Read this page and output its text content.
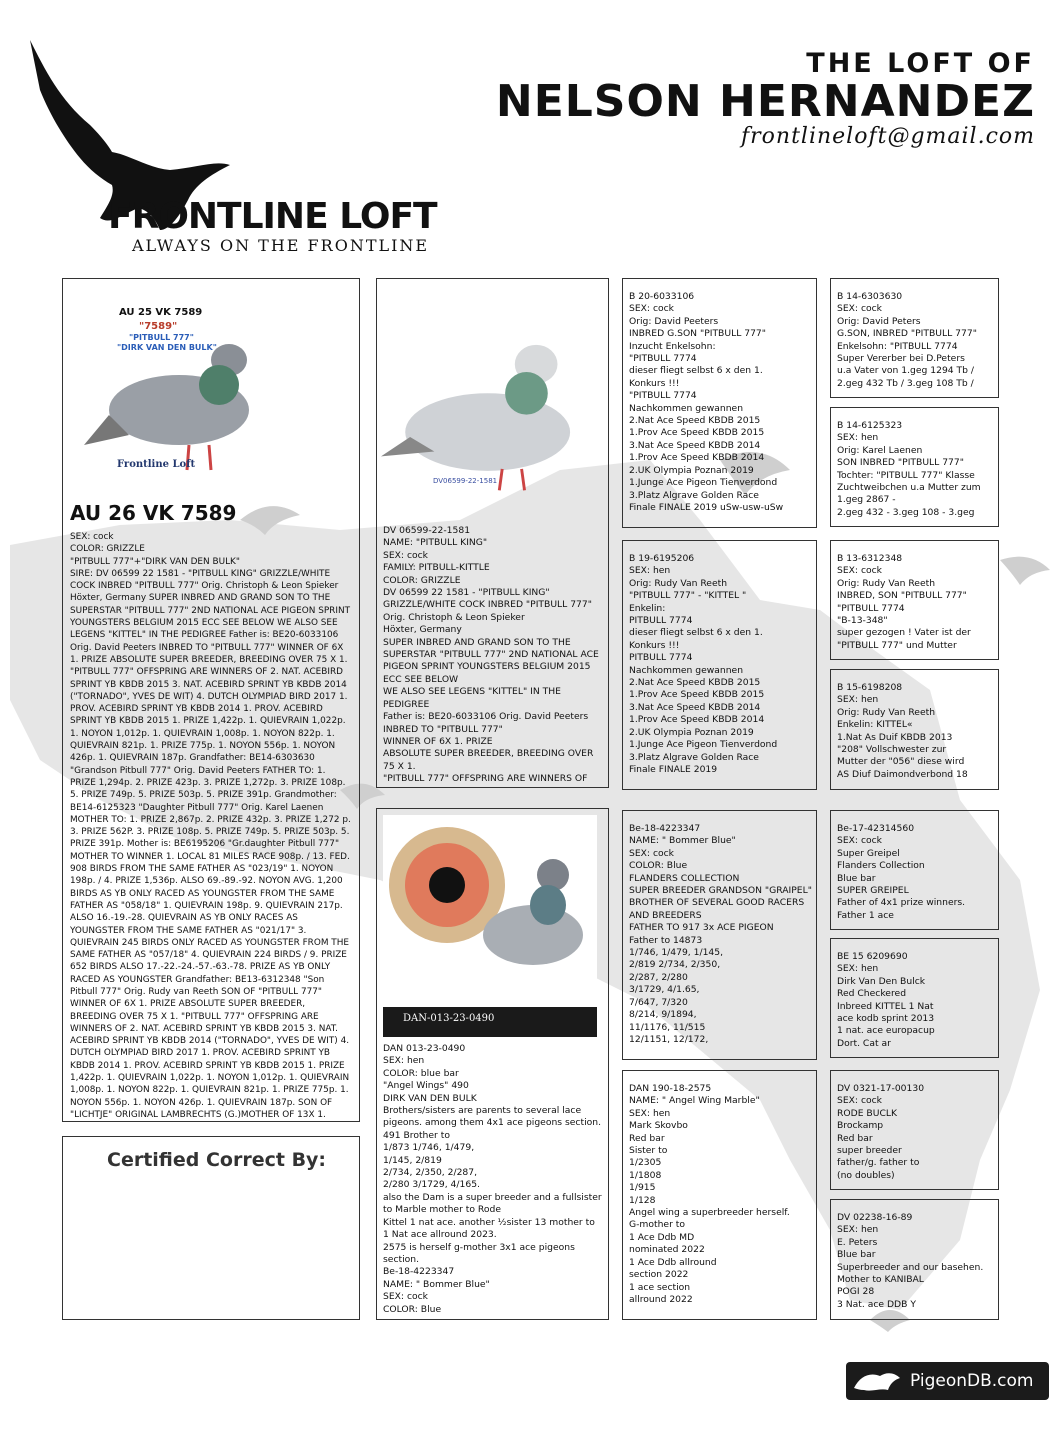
FRONTLINE LOFT
ALWAYS ON THE FRONTLINE
THE LOFT OF
NELSON HERNANDEZ
frontlineloft@gmail.com
AU 25 VK 7589
"7589"
"PITBULL 777"
"DIRK VAN DEN BULK"
Frontline Loft
AU 26 VK 7589
SEX: cock
COLOR: GRIZZLE
"PITBULL 777"+"DIRK VAN DEN BULK"
SIRE: DV 06599 22 1581 - "PITBULL KING" GRIZZLE/WHITE COCK INBRED "PITBULL 777" Orig. Christoph & Leon Spieker Höxter, Germany SUPER INBRED AND GRAND SON TO THE SUPERSTAR "PITBULL 777" 2ND NATIONAL ACE PIGEON SPRINT YOUNGSTERS BELGIUM 2015 ECC SEE BELOW WE ALSO SEE LEGENS "KITTEL" IN THE PEDIGREE Father is: BE20-6033106 Orig. David Peeters INBRED TO "PITBULL 777" WINNER OF 6X 1. PRIZE ABSOLUTE SUPER BREEDER, BREEDING OVER 75 X 1. "PITBULL 777" OFFSPRING ARE WINNERS OF 2. NAT. ACEBIRD SPRINT YB KBDB 2015 3. NAT. ACEBIRD SPRINT YB KBDB 2014 ("TORNADO", YVES DE WIT) 4. DUTCH OLYMPIAD BIRD 2017 1. PROV. ACEBIRD SPRINT YB KBDB 2014 1. PROV. ACEBIRD SPRINT YB KBDB 2015 1. PRIZE 1,422p. 1. QUIEVRAIN 1,022p. 1. NOYON 1,012p. 1. QUIEVRAIN 1,008p. 1. NOYON 822p. 1. QUIEVRAIN 821p. 1. PRIZE 775p. 1. NOYON 556p. 1. NOYON 426p. 1. QUIEVRAIN 187p. Grandfather: BE14-6303630 "Grandson Pitbull 777" Orig. David Peeters FATHER TO: 1. PRIZE 1,294p. 2. PRIZE 423p. 3. PRIZE 1,272p. 3. PRIZE 108p. 5. PRIZE 749p. 5. PRIZE 503p. 5. PRIZE 391p. Grandmother: BE14-6125323 "Daughter Pitbull 777" Orig. Karel Laenen MOTHER TO: 1. PRIZE 2,867p. 2. PRIZE 432p. 3. PRIZE 1,272 p. 3. PRIZE 562P. 3. PRIZE 108p. 5. PRIZE 749p. 5. PRIZE 503p. 5. PRIZE 391p. Mother is: BE6195206 "Gr.daughter Pitbull 777" MOTHER TO WINNER 1. LOCAL 81 MILES RACE 908p. / 13. FED. 908 BIRDS FROM THE SAME FATHER AS "023/19" 1. NOYON 198p. / 4. PRIZE 1,536p. ALSO 69.-89.-92. NOYON AVG. 1,200 BIRDS AS YB ONLY RACED AS YOUNGSTER FROM THE SAME FATHER AS "058/18" 1. QUIEVRAIN 198p. 9. QUIEVRAIN 217p. ALSO 16.-19.-28. QUIEVRAIN AS YB ONLY RACES AS YOUNGSTER FROM THE SAME FATHER AS "021/17" 3. QUIEVRAIN 245 BIRDS ONLY RACED AS YOUNGSTER FROM THE SAME FATHER AS "057/18" 4. QUIEVRAIN 224 BIRDS / 9. PRIZE 652 BIRDS ALSO 17.-22.-24.-57.-63.-78. PRIZE AS YB ONLY RACED AS YOUNGSTER Grandfather: BE13-6312348 "Son Pitbull 777" Orig. Rudy van Reeth SON OF "PITBULL 777" WINNER OF 6X 1. PRIZE ABSOLUTE SUPER BREEDER, BREEDING OVER 75 X 1. "PITBULL 777" OFFSPRING ARE WINNERS OF 2. NAT. ACEBIRD SPRINT YB KBDB 2015 3. NAT. ACEBIRD SPRINT YB KBDB 2014 ("TORNADO", YVES DE WIT) 4. DUTCH OLYMPIAD BIRD 2017 1. PROV. ACEBIRD SPRINT YB KBDB 2014 1. PROV. ACEBIRD SPRINT YB KBDB 2015 1. PRIZE 1,422p. 1. QUIEVRAIN 1,022p. 1. NOYON 1,012p. 1. QUIEVRAIN 1,008p. 1. NOYON 822p. 1. QUIEVRAIN 821p. 1. PRIZE 775p. 1. NOYON 556p. 1. NOYON 426p. 1. QUIEVRAIN 187p. SON OF "LICHTJE" ORIGINAL LAMBRECHTS (G.)MOTHER OF 13X 1.
Certified Correct By:
DV06599-22-1581
DV 06599-22-1581
NAME: "PITBULL KING"
SEX: cock
FAMILY: PITBULL-KITTLE
COLOR: GRIZZLE
DV 06599 22 1581 - "PITBULL KING"
GRIZZLE/WHITE COCK INBRED "PITBULL 777"
Orig. Christoph & Leon Spieker
Höxter, Germany
SUPER INBRED AND GRAND SON TO THE SUPERSTAR "PITBULL 777" 2ND NATIONAL ACE PIGEON SPRINT YOUNGSTERS BELGIUM 2015 ECC SEE BELOW
WE ALSO SEE LEGENS "KITTEL" IN THE PEDIGREE
Father is: BE20-6033106 Orig. David Peeters
INBRED TO "PITBULL 777"
WINNER OF 6X 1. PRIZE
ABSOLUTE SUPER BREEDER, BREEDING OVER 75 X 1.
"PITBULL 777" OFFSPRING ARE WINNERS OF
DAN-013-23-0490
DAN 013-23-0490
SEX: hen
COLOR: blue bar
"Angel Wings" 490
DIRK VAN DEN BULK
Brothers/sisters are parents to several lace pigeons. among them 4x1 ace pigeons section.
491 Brother to
1/873 1/746, 1/479,
1/145, 2/819
2/734, 2/350, 2/287,
2/280 3/1729, 4/165.
also the Dam is a super breeder and a fullsister to Marble mother to Rode
Kittel 1 nat ace. another ½sister 13 mother to 1 Nat ace allround 2023.
2575 is herself g-mother 3x1 ace pigeons section.
Be-18-4223347
NAME: " Bommer Blue"
SEX: cock
COLOR: Blue
B 20-6033106
SEX: cock
Orig: David Peeters
INBRED G.SON "PITBULL 777"
Inzucht Enkelsohn:
"PITBULL 7774
dieser fliegt selbst 6 x den 1.
Konkurs !!!
"PITBULL 7774
Nachkommen gewannen
2.Nat Ace Speed KBDB 2015
1.Prov Ace Speed KBDB 2015
3.Nat Ace Speed KBDB 2014
1.Prov Ace Speed KBDB 2014
2.UK Olympia Poznan 2019
1.Junge Ace Pigeon Tienverdond
3.Platz Algrave Golden Race
Finale FINALE 2019 uSw-usw-uSw
B 19-6195206
SEX: hen
Orig: Rudy Van Reeth
"PITBULL 777" - "KITTEL "
Enkelin:
PITBULL 7774
dieser fliegt selbst 6 x den 1.
Konkurs !!!
PITBULL 7774
Nachkommen gewannen
2.Nat Ace Speed KBDB 2015
1.Prov Ace Speed KBDB 2015
3.Nat Ace Speed KBDB 2014
1.Prov Ace Speed KBDB 2014
2.UK Olympia Poznan 2019
1.Junge Ace Pigeon Tienverdond
3.Platz Algrave Golden Race
Finale FINALE 2019
Be-18-4223347
NAME: " Bommer Blue"
SEX: cock
COLOR: Blue
FLANDERS COLLECTION
SUPER BREEDER GRANDSON "GRAIPEL"
BROTHER OF SEVERAL GOOD RACERS
AND BREEDERS
FATHER TO 917 3x ACE PIGEON
Father to 14873
1/746, 1/479, 1/145,
2/819 2/734, 2/350,
2/287, 2/280
3/1729, 4/1.65,
7/647, 7/320
8/214, 9/1894,
11/1176, 11/515
12/1151, 12/172,
DAN 190-18-2575
NAME: " Angel Wing Marble"
SEX: hen
Mark Skovbo
Red bar
Sister to
1/2305
1/1808
1/915
1/128
Angel wing a superbreeder herself.
G-mother to
1 Ace Ddb MD
nominated 2022
1 Ace Ddb allround
section 2022
1 ace section
allround 2022
B 14-6303630
SEX: cock
Orig: David Peters
G.SON, INBRED "PITBULL 777"
Enkelsohn: "PITBULL 7774
Super Vererber bei D.Peters
u.a Vater von 1.geg 1294 Tb /
2.geg 432 Tb / 3.geg 108 Tb /
B 14-6125323
SEX: hen
Orig: Karel Laenen
SON INBRED "PITBULL 777"
Tochter: "PITBULL 777" Klasse
Zuchtweibchen u.a Mutter zum
1.geg 2867 -
2.geg 432 - 3.geg 108 - 3.geg
B 13-6312348
SEX: cock
Orig: Rudy Van Reeth
INBRED, SON "PITBULL 777"
"PITBULL 7774
"B-13-348"
super gezogen ! Vater ist der
"PITBULL 777" und Mutter
B 15-6198208
SEX: hen
Orig: Rudy Van Reeth
Enkelin: KITTEL«
1.Nat As Duif KBDB 2013
"208" Vollschwester zur
Mutter der "056" diese wird
AS Diuf Daimondverbond 18
Be-17-42314560
SEX: cock
Super Greipel
Flanders Collection
Blue bar
SUPER GREIPEL
Father of 4x1 prize winners.
Father 1 ace
BE 15 6209690
SEX: hen
Dirk Van Den Bulck
Red Checkered
Inbreed KITTEL 1 Nat
ace kodb sprint 2013
1 nat. ace europacup
Dort. Cat ar
DV 0321-17-00130
SEX: cock
RODE BUCLK
Brockamp
Red bar
super breeder
father/g. father to
(no doubles)
DV 02238-16-89
SEX: hen
E. Peters
Blue bar
Superbreeder and our basehen.
Mother to KANIBAL
POGI 28
3 Nat. ace DDB Y
PigeonDB.com
